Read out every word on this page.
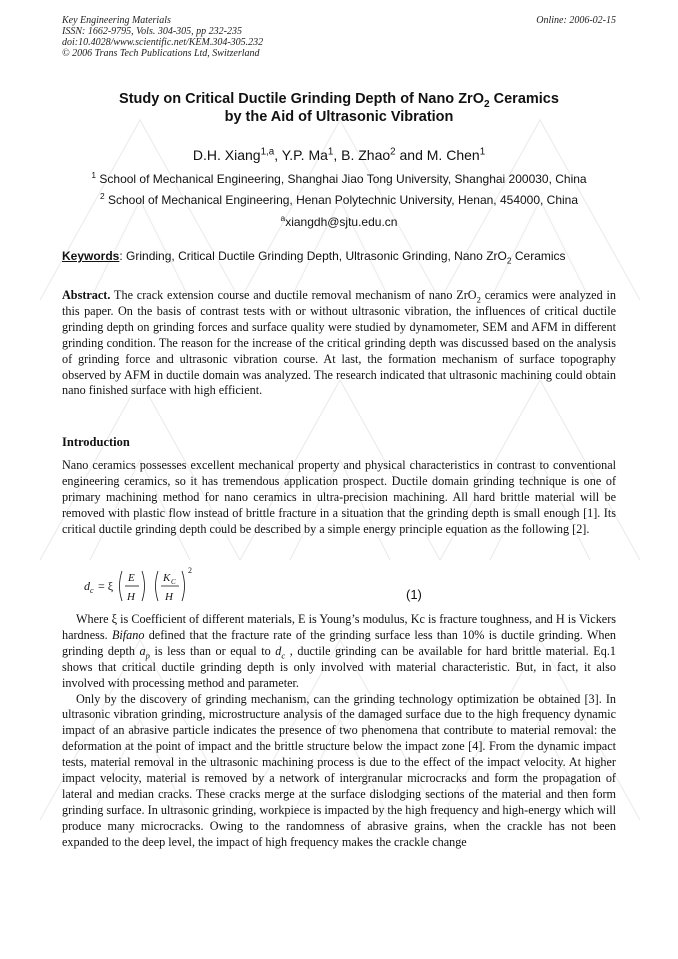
Key Engineering Materials
ISSN: 1662-9795, Vols. 304-305, pp 232-235
doi:10.4028/www.scientific.net/KEM.304-305.232
© 2006 Trans Tech Publications Ltd, Switzerland
Online: 2006-02-15
Study on Critical Ductile Grinding Depth of Nano ZrO$_2$ Ceramics
by the Aid of Ultrasonic Vibration
D.H. Xiang$^{1,a}$, Y.P. Ma$^1$, B. Zhao$^2$ and M. Chen$^1$
$^1$ School of Mechanical Engineering, Shanghai Jiao Tong University, Shanghai 200030, China
$^2$ School of Mechanical Engineering, Henan Polytechnic University, Henan, 454000, China
$^a$xiangdh@sjtu.edu.cn
Keywords: Grinding, Critical Ductile Grinding Depth, Ultrasonic Grinding, Nano ZrO$_2$ Ceramics
Abstract. The crack extension course and ductile removal mechanism of nano ZrO$_2$ ceramics were analyzed in this paper. On the basis of contrast tests with or without ultrasonic vibration, the influences of critical ductile grinding depth on grinding forces and surface quality were studied by dynamometer, SEM and AFM in different grinding condition. The reason for the increase of the critical grinding depth was discussed based on the analysis of grinding force and ultrasonic vibration course. At last, the formation mechanism of surface topography observed by AFM in ductile domain was analyzed. The research indicated that ultrasonic machining could obtain nano finished surface with high efficient.
Introduction

Nano ceramics possesses excellent mechanical property and physical characteristics in contrast to conventional engineering ceramics, so it has tremendous application prospect. Ductile domain grinding technique is one of primary machining method for nano ceramics in ultra-precision machining. All hard brittle material will be removed with plastic flow instead of brittle fracture in a situation that the grinding depth is small enough [1]. Its critical ductile grinding depth could be described by a simple energy principle equation as the following [2].

d c = ξ
E
H
K C
H
2
(1)

Where ξ is Coefficient of different materials, E is Young’s modulus, Kc is fracture toughness, and H is Vickers hardness. Bifano defined that the fracture rate of the grinding surface less than 10% is ductile grinding. When grinding depth $a_p$ is less than or equal to $d_c$ , ductile grinding can be available for hard brittle material. Eq.1 shows that critical ductile grinding depth is only involved with material characteristic. But, in fact, it also involved with processing method and parameter.

Only by the discovery of grinding mechanism, can the grinding technology optimization be obtained [3]. In ultrasonic vibration grinding, microstructure analysis of the damaged surface due to the high frequency dynamic impact of an abrasive particle indicates the presence of two phenomena that contribute to material removal: the deformation at the point of impact and the brittle structure below the impact zone [4]. From the dynamic impact tests, material removal in the ultrasonic machining process is due to the effect of the impact velocity. At higher impact velocity, material is removed by a network of intergranular microcracks and form the propagation of lateral and median cracks. These cracks merge at the surface dislodging sections of the material and then form grinding surface. In ultrasonic grinding, workpiece is impacted by the high frequency and high-energy which will produce many microcracks. Owing to the randomness of abrasive grains, when the crackle has not been expanded to the deep level, the impact of high frequency makes the crackle change
